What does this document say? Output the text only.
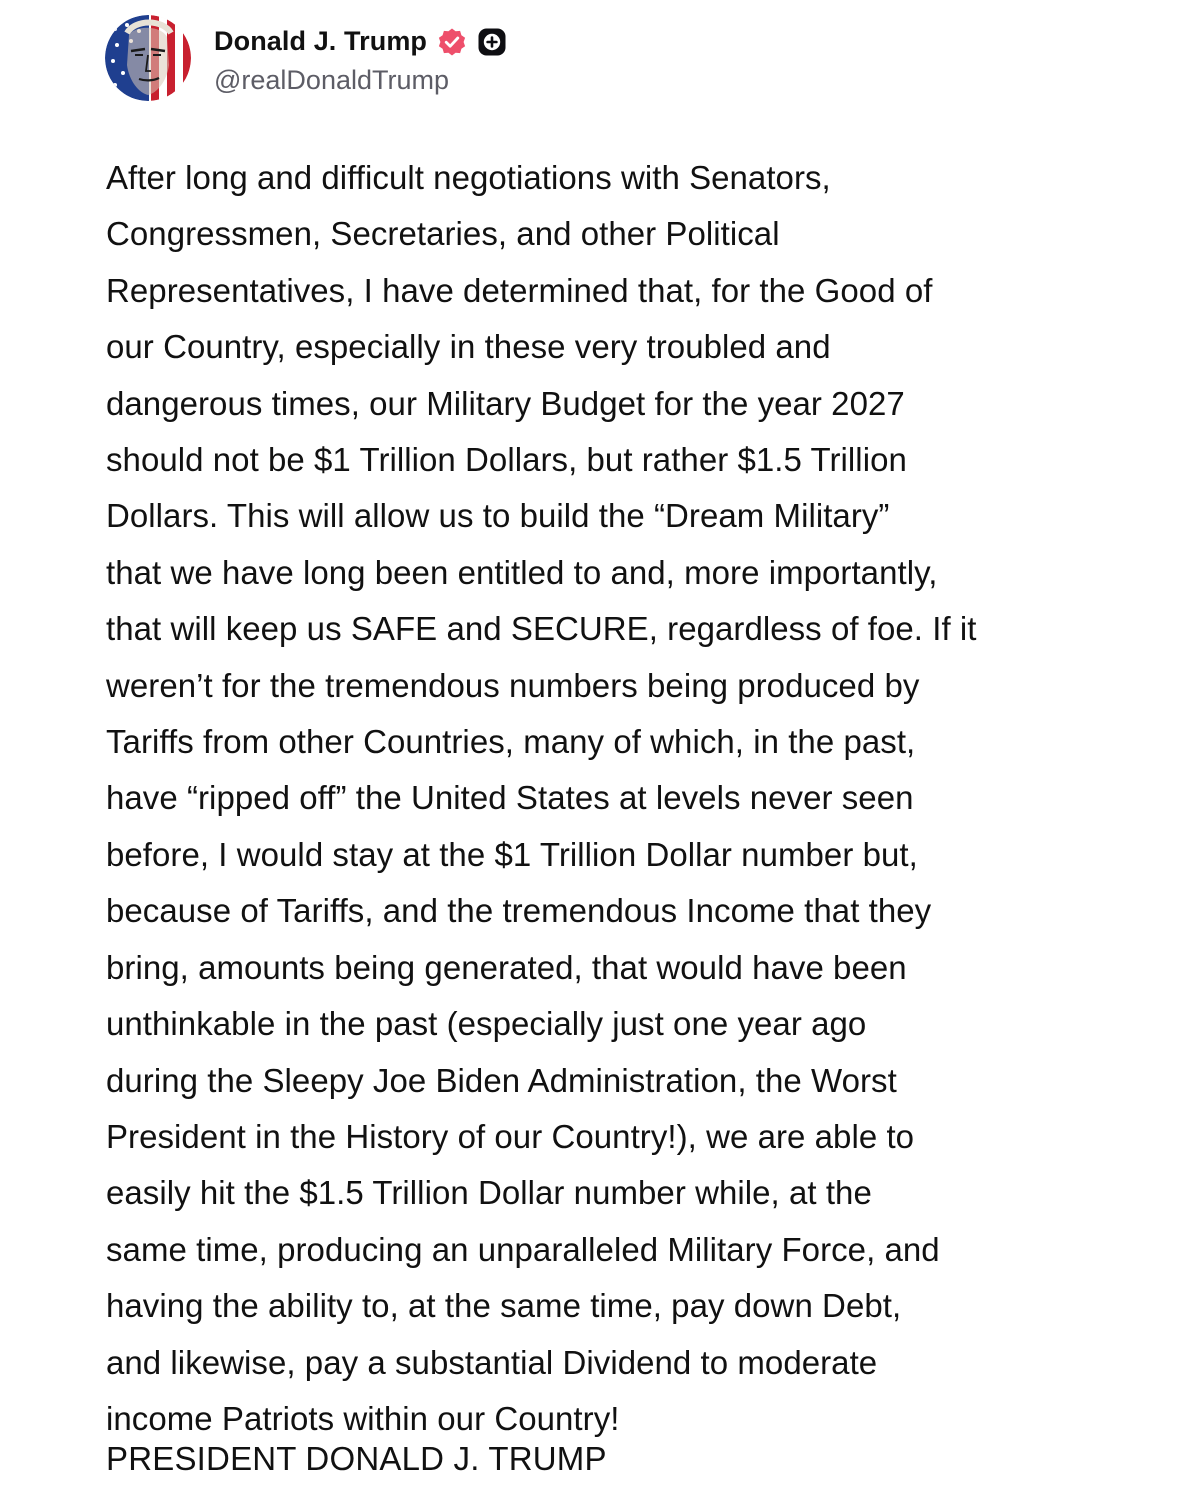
Donald J. Trump
@realDonaldTrump
After long and difficult negotiations with Senators,
Congressmen, Secretaries, and other Political
Representatives, I have determined that, for the Good of
our Country, especially in these very troubled and
dangerous times, our Military Budget for the year 2027
should not be $1 Trillion Dollars, but rather $1.5 Trillion
Dollars. This will allow us to build the “Dream Military”
that we have long been entitled to and, more importantly,
that will keep us SAFE and SECURE, regardless of foe. If it
weren’t for the tremendous numbers being produced by
Tariffs from other Countries, many of which, in the past,
have “ripped off” the United States at levels never seen
before, I would stay at the $1 Trillion Dollar number but,
because of Tariffs, and the tremendous Income that they
bring, amounts being generated, that would have been
unthinkable in the past (especially just one year ago
during the Sleepy Joe Biden Administration, the Worst
President in the History of our Country!), we are able to
easily hit the $1.5 Trillion Dollar number while, at the
same time, producing an unparalleled Military Force, and
having the ability to, at the same time, pay down Debt,
and likewise, pay a substantial Dividend to moderate
income Patriots within our Country!
PRESIDENT DONALD J. TRUMP
